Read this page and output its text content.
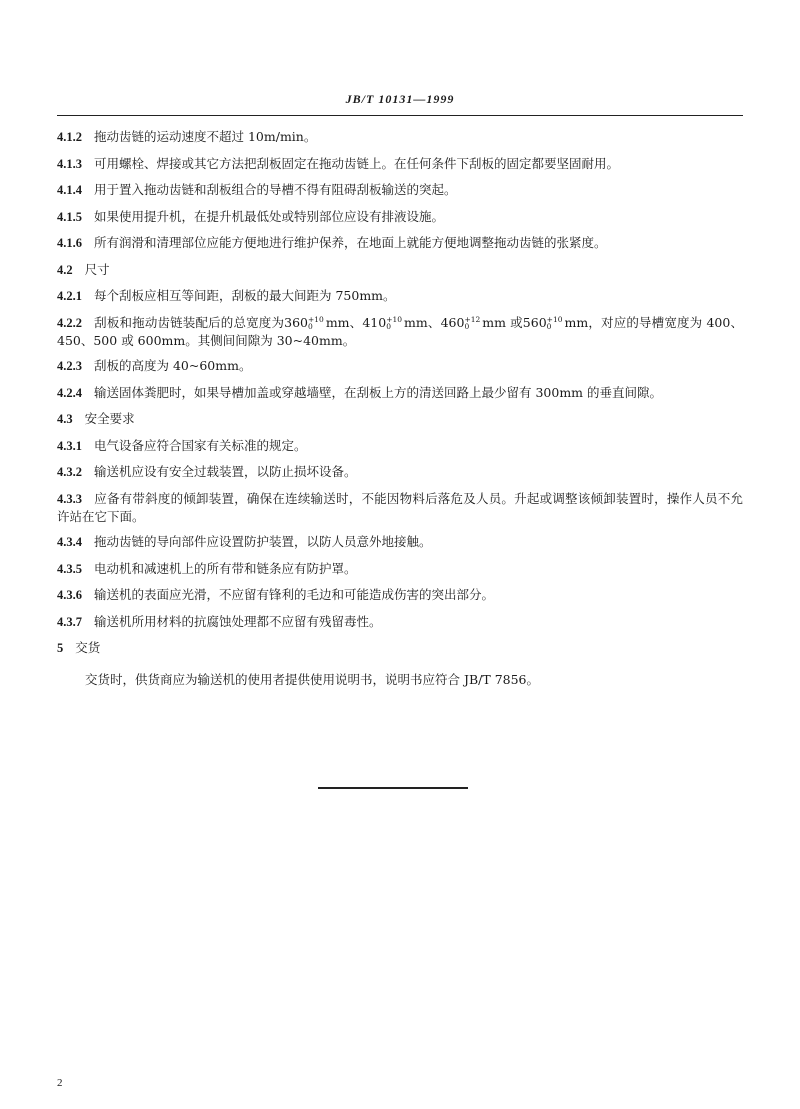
JB/T 10131—1999

4.1.2 拖动齿链的运动速度不超过 10m/min。

4.1.3 可用螺栓、焊接或其它方法把刮板固定在拖动齿链上。在任何条件下刮板的固定都要坚固耐用。

4.1.4 用于置入拖动齿链和刮板组合的导槽不得有阻碍刮板输送的突起。

4.1.5 如果使用提升机，在提升机最低处或特别部位应设有排液设施。

4.1.6 所有润滑和清理部位应能方便地进行维护保养，在地面上就能方便地调整拖动齿链的张紧度。

4.2 尺寸

4.2.1 每个刮板应相互等间距，刮板的最大间距为 750mm。

4.2.2 刮板和拖动齿链装配后的总宽度为360 +10
0	mm、410 +10
0	mm、460 +12
0	mm 或560 +10
0	mm，对应的导槽宽度为 400、450、500 或 600mm。其侧间间隙为 30~40mm。

4.2.3 刮板的高度为 40~60mm。

4.2.4 输送固体粪肥时，如果导槽加盖或穿越墙壁，在刮板上方的清送回路上最少留有 300mm 的垂直间隙。

4.3 安全要求

4.3.1 电气设备应符合国家有关标准的规定。

4.3.2 输送机应设有安全过载装置，以防止损坏设备。

4.3.3 应备有带斜度的倾卸装置，确保在连续输送时，不能因物料后落危及人员。升起或调整该倾卸装置时，操作人员不允许站在它下面。

4.3.4 拖动齿链的导向部件应设置防护装置，以防人员意外地接触。

4.3.5 电动机和减速机上的所有带和链条应有防护罩。

4.3.6 输送机的表面应光滑，不应留有锋利的毛边和可能造成伤害的突出部分。

4.3.7 输送机所用材料的抗腐蚀处理都不应留有残留毒性。

5 交货

交货时，供货商应为输送机的使用者提供使用说明书，说明书应符合 JB/T 7856。

2
